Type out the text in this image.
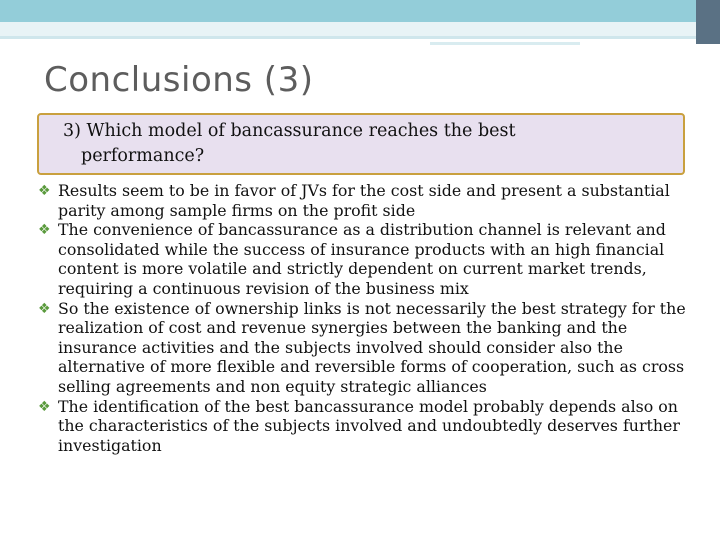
Conclusions (3)
3) Which model of bancassurance reaches the best
performance?
❖ Results seem to be in favor of JVs for the cost side and present a substantial parity among sample firms on the profit side
❖ The convenience of bancassurance as a distribution channel is relevant and consolidated while the success of insurance products with an high financial content is more volatile and strictly dependent on current market trends, requiring a continuous revision of the business mix
❖ So the existence of ownership links is not necessarily the best strategy for the realization of cost and revenue synergies between the banking and the insurance activities and the subjects involved should consider also the alternative of more flexible and reversible forms of cooperation, such as cross selling agreements and non equity strategic alliances
❖ The identification of the best bancassurance model probably depends also on the characteristics of the subjects involved and undoubtedly deserves further investigation
